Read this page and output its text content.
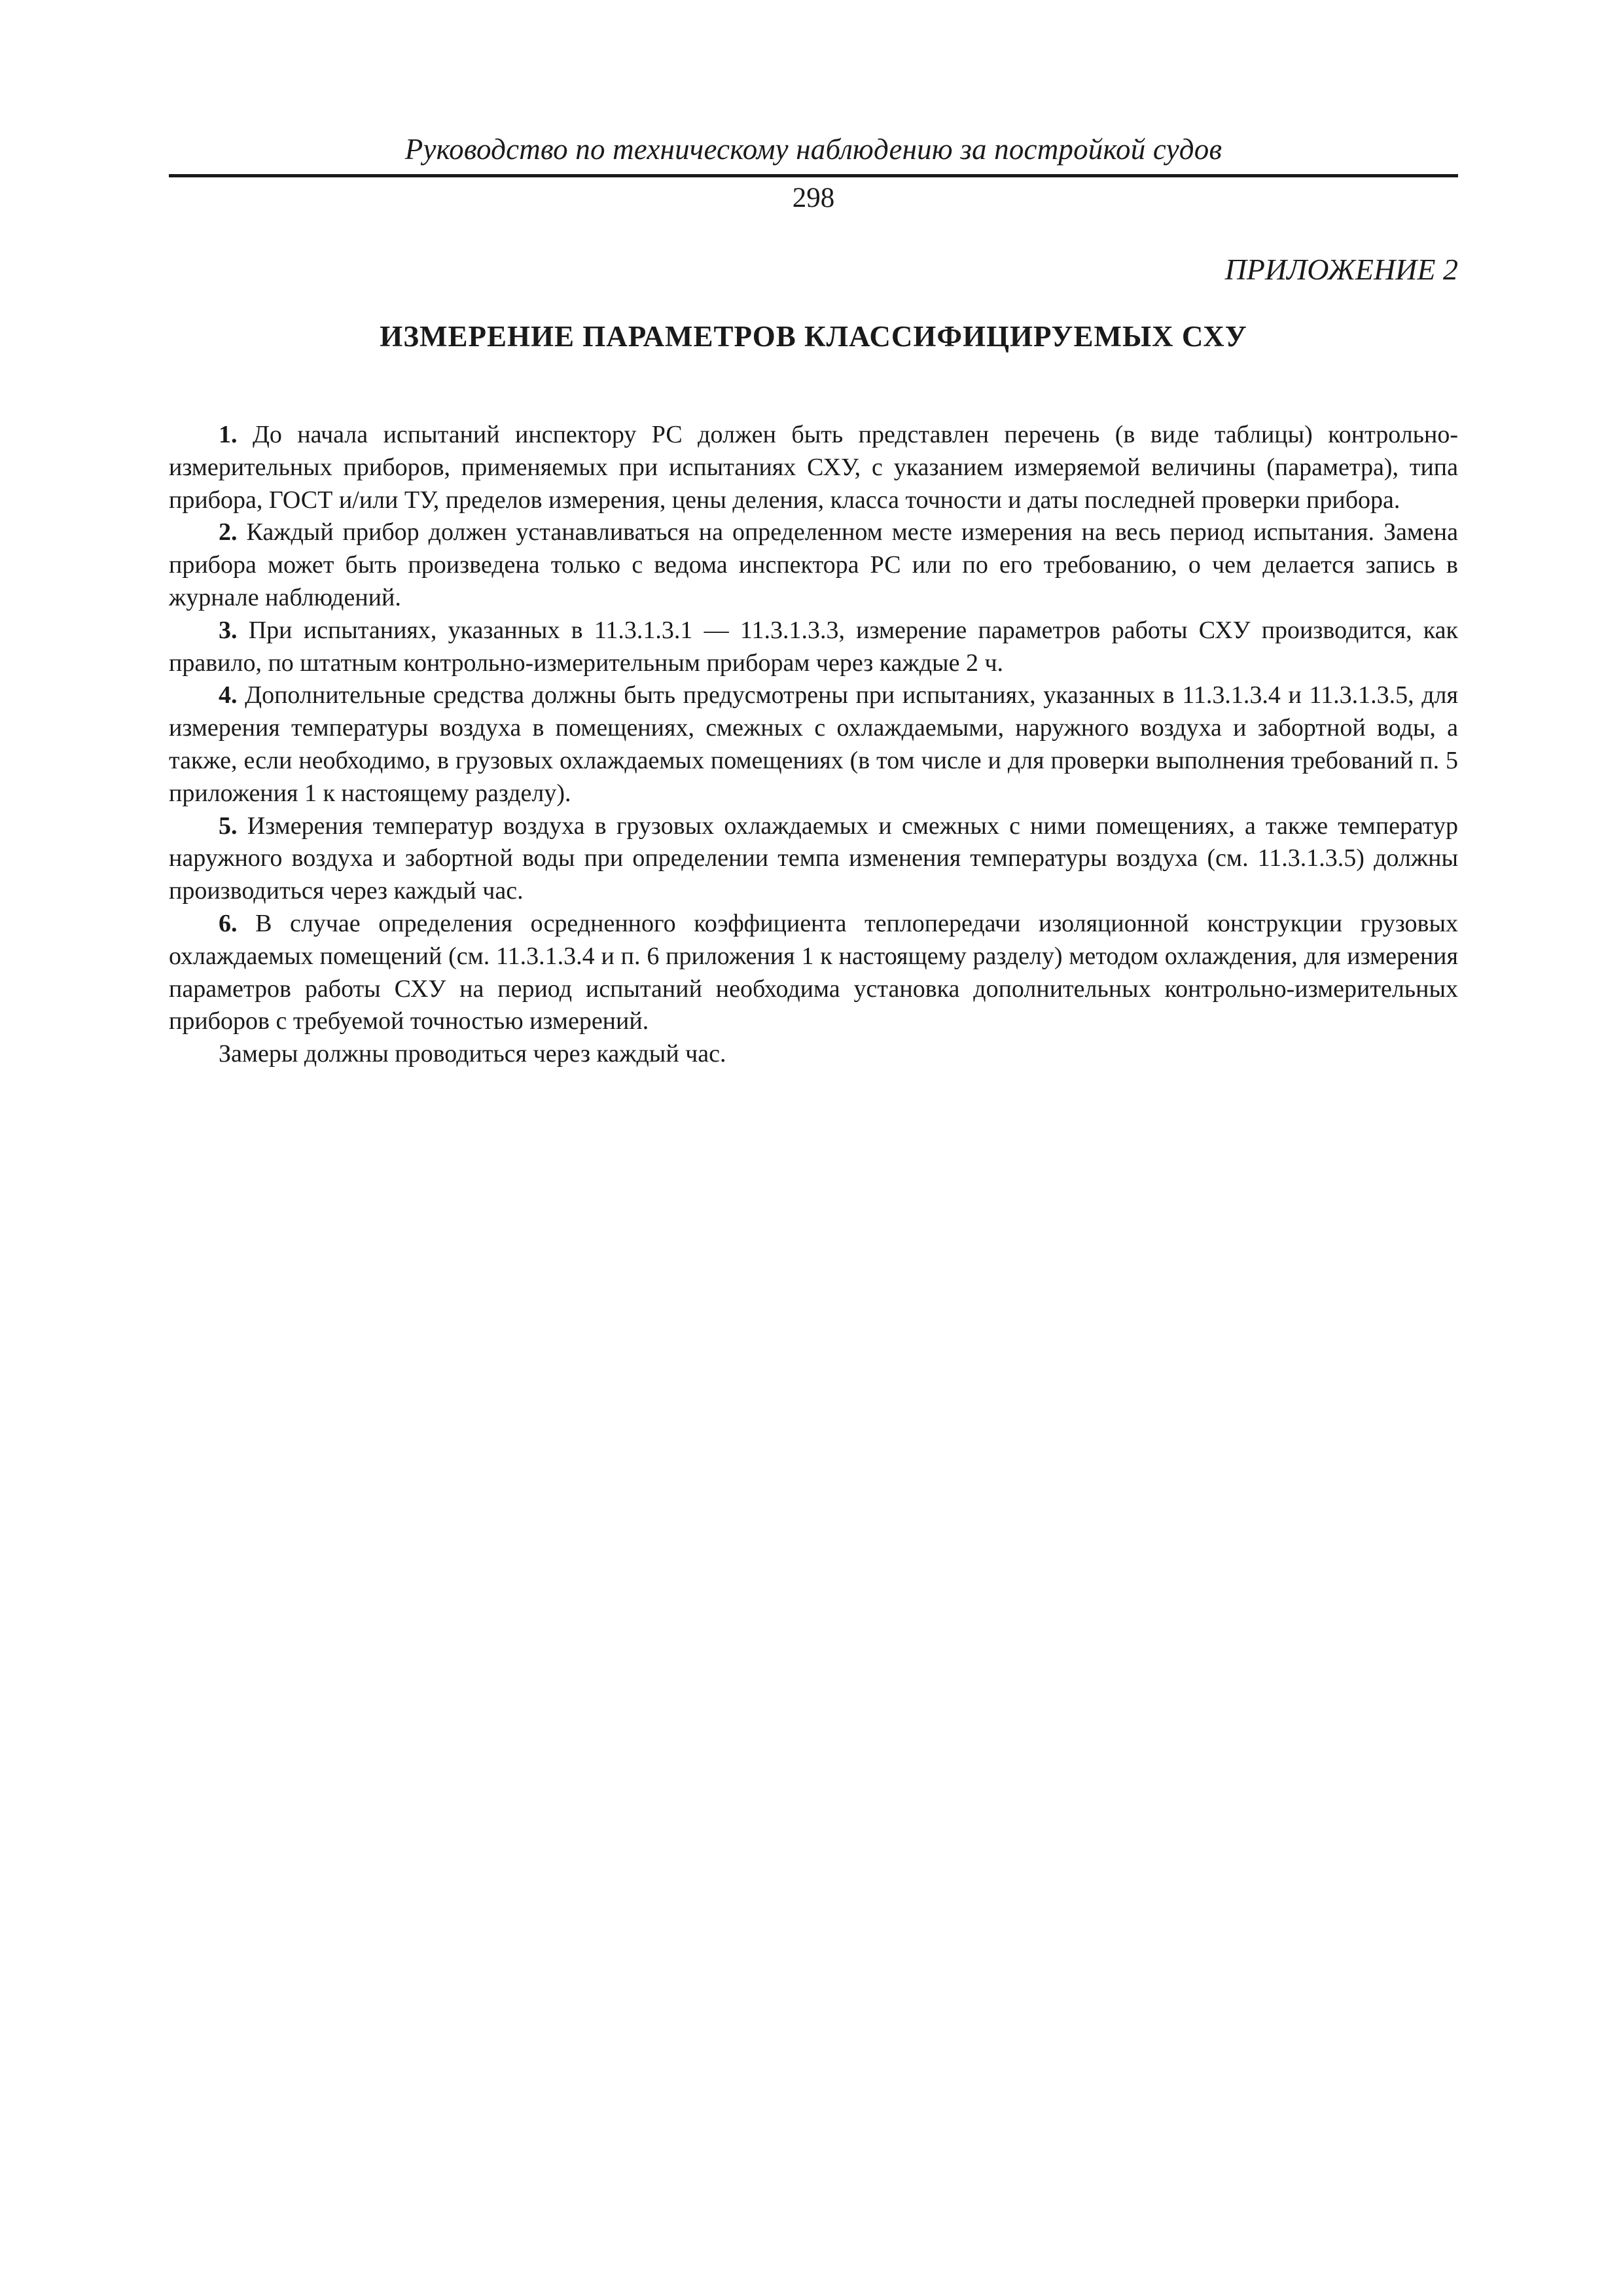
Руководство по техническому наблюдению за постройкой судов
298
ПРИЛОЖЕНИЕ 2
ИЗМЕРЕНИЕ ПАРАМЕТРОВ КЛАССИФИЦИРУЕМЫХ СХУ

1. До начала испытаний инспектору РС должен быть представлен перечень (в виде таблицы) контрольно-измерительных приборов, применяемых при испытаниях СХУ, с указанием измеряемой величины (параметра), типа прибора, ГОСТ и/или ТУ, пределов измерения, цены деления, класса точности и даты последней проверки прибора.

2. Каждый прибор должен устанавливаться на определенном месте измерения на весь период испытания. Замена прибора может быть произведена только с ведома инспектора РС или по его требованию, о чем делается запись в журнале наблюдений.

3. При испытаниях, указанных в 11.3.1.3.1 — 11.3.1.3.3, измерение параметров работы СХУ производится, как правило, по штатным контрольно-измерительным приборам через каждые 2 ч.

4. Дополнительные средства должны быть предусмотрены при испытаниях, указанных в 11.3.1.3.4 и 11.3.1.3.5, для измерения температуры воздуха в помещениях, смежных с охлаждаемыми, наружного воздуха и забортной воды, а также, если необходимо, в грузовых охлаждаемых помещениях (в том числе и для проверки выполнения требований п. 5 приложения 1 к настоящему разделу).

5. Измерения температур воздуха в грузовых охлаждаемых и смежных с ними помещениях, а также температур наружного воздуха и забортной воды при определении темпа изменения температуры воздуха (см. 11.3.1.3.5) должны производиться через каждый час.

6. В случае определения осредненного коэффициента теплопередачи изоляционной конструкции грузовых охлаждаемых помещений (см. 11.3.1.3.4 и п. 6 приложения 1 к настоящему разделу) методом охлаждения, для измерения параметров работы СХУ на период испытаний необходима установка дополнительных контрольно-измерительных приборов с требуемой точностью измерений.

Замеры должны проводиться через каждый час.
